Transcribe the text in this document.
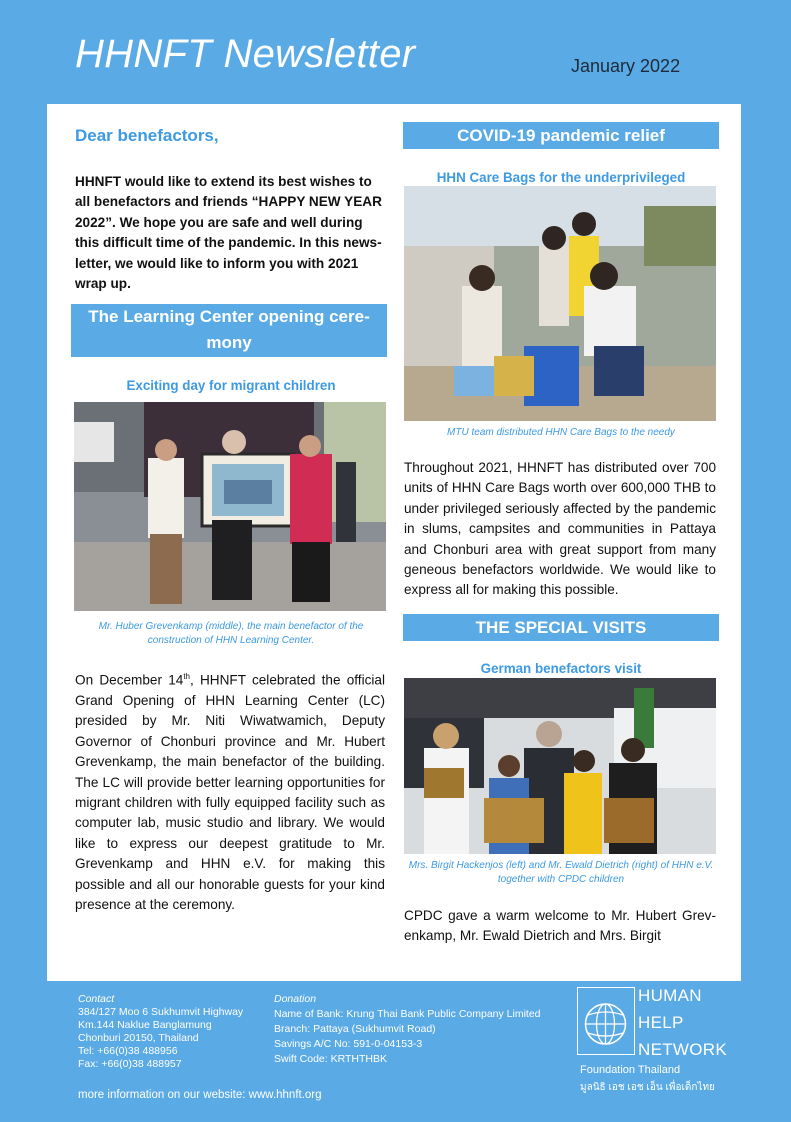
HHNFT Newsletter	January 2022
Dear benefactors,
HHNFT would like to extend its best wishes to all benefactors and friends “HAPPY NEW YEAR 2022”. We hope you are safe and well during this difficult time of the pandemic. In this news-letter, we would like to inform you with 2021 wrap up.
The Learning Center opening cere-mony
Exciting day for migrant children
Mr. Huber Grevenkamp (middle), the main benefactor of the construction of HHN Learning Center.
On December 14th, HHNFT celebrated the official Grand Opening of HHN Learning Center (LC) presided by Mr. Niti Wiwatwamich, Deputy Governor of Chonburi province and Mr. Hubert Grevenkamp, the main benefactor of the building. The LC will provide better learning opportunities for migrant children with fully equipped facility such as computer lab, music studio and library. We would like to express our deepest gratitude to Mr. Grevenkamp and HHN e.V. for making this possible and all our honorable guests for your kind presence at the ceremony.
COVID-19 pandemic relief
HHN Care Bags for the underprivileged
MTU team distributed HHN Care Bags to the needy
Throughout 2021, HHNFT has distributed over 700 units of HHN Care Bags worth over 600,000 THB to under privileged seriously affected by the pandemic in slums, campsites and communities in Pattaya and Chonburi area with great support from many geneous benefactors worldwide. We would like to express all for making this possible.
THE SPECIAL VISITS
German benefactors visit
Mrs. Birgit Hackenjos (left) and Mr. Ewald Dietrich (right) of HHN e.V. together with CPDC children
CPDC gave a warm welcome to Mr. Hubert Grev-enkamp, Mr. Ewald Dietrich and Mrs. Birgit
Contact
384/127 Moo 6 Sukhumvit Highway
Km.144 Naklue Banglamung
Chonburi 20150, Thailand
Tel: +66(0)38 488956
Fax: +66(0)38 488957
Donation
Name of Bank: Krung Thai Bank Public Company Limited
Branch: Pattaya (Sukhumvit Road)
Savings A/C No: 591-0-04153-3
Swift Code: KRTHTHBK
more information on our website: www.hhnft.org
HUMAN
HELP
NETWORK
Foundation Thailand
มูลนิธิ เอช เอช เอ็น เพื่อเด็กไทย
